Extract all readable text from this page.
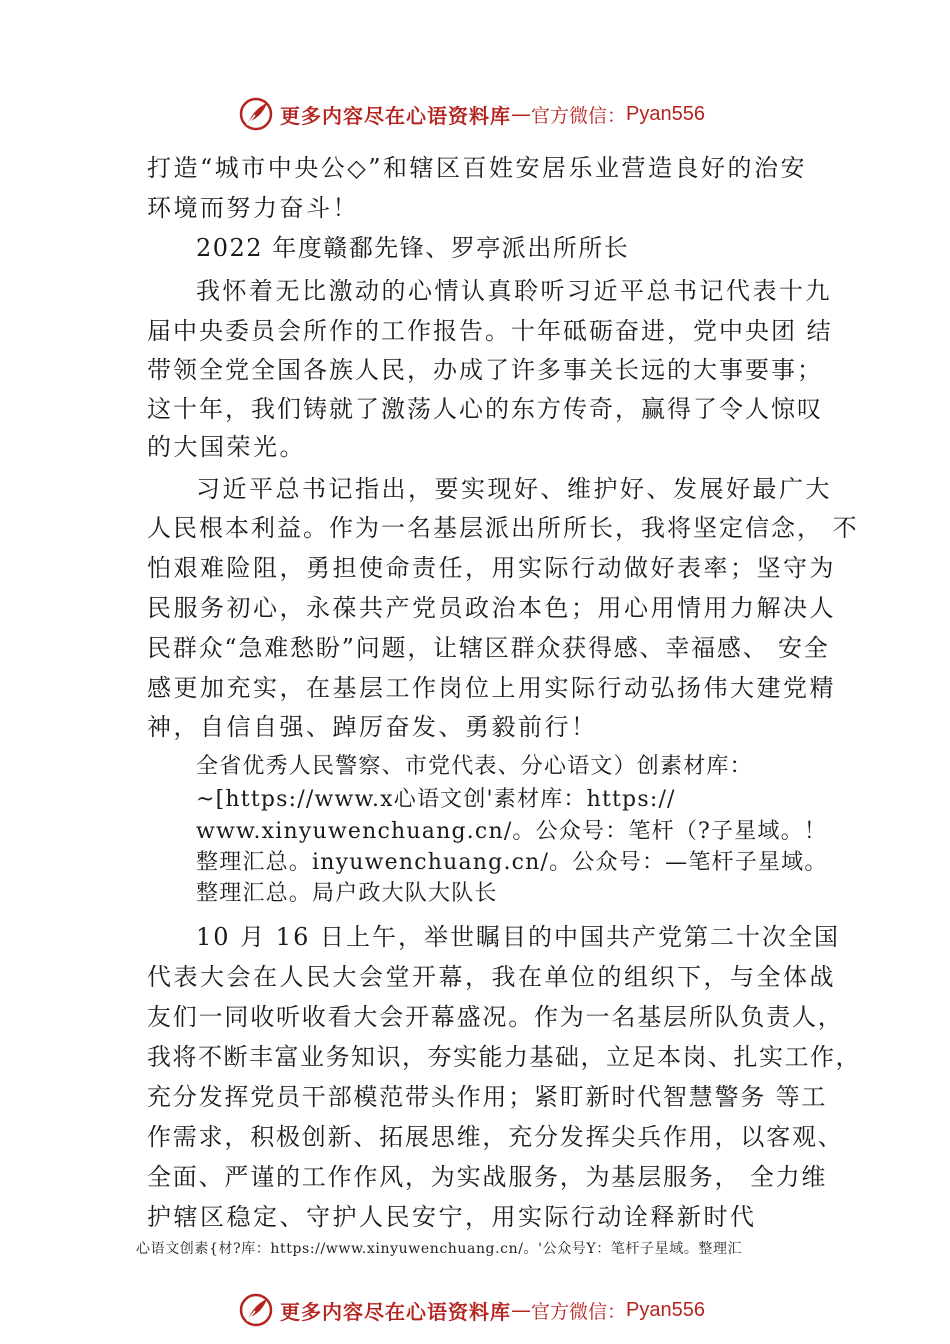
更多内容尽在心语资料库 — 官方微信： Pyan556
打造“城市中央公◇”和辖区百姓安居乐业营造良好的治安
环境而努力奋斗！
2022 年度赣鄱先锋、罗亭派出所所长
我怀着无比激动的心情认真聆听习近平总书记代表十九
届中央委员会所作的工作报告。十年砥砺奋进，党中央团 结
带领全党全国各族人民，办成了许多事关长远的大事要事；
这十年，我们铸就了激荡人心的东方传奇，赢得了令人惊叹
的大国荣光。
习近平总书记指出，要实现好、维护好、发展好最广大
人民根本利益。作为一名基层派出所所长，我将坚定信念， 不
怕艰难险阻，勇担使命责任，用实际行动做好表率；坚守为
民服务初心，永葆共产党员政治本色；用心用情用力解决人
民群众“急难愁盼”问题，让辖区群众获得感、幸福感、 安全
感更加充实，在基层工作岗位上用实际行动弘扬伟大建党精
神，自信自强、踔厉奋发、勇毅前行！
全省优秀人民警察、市党代表、分心语文）创素材库：
~[https://www.x心语文创'素材库：https://
www.xinyuwenchuang.cn/。公众号：笔杆（?子星域。！
整理汇总。inyuwenchuang.cn/。公众号：—笔杆子星域。
整理汇总。局户政大队大队长
10 月 16 日上午，举世瞩目的中国共产党第二十次全国
代表大会在人民大会堂开幕，我在单位的组织下，与全体战
友们一同收听收看大会开幕盛况。作为一名基层所队负责人，
我将不断丰富业务知识，夯实能力基础，立足本岗、扎实工作，
充分发挥党员干部模范带头作用；紧盯新时代智慧警务 等工
作需求，积极创新、拓展思维，充分发挥尖兵作用，以客观、
全面、严谨的工作作风，为实战服务，为基层服务， 全力维
护辖区稳定、守护人民安宁，用实际行动诠释新时代
心语文创素{材?库：https://www.xinyuwenchuang.cn/。'公众号Y：笔杆子星域。整理汇
更多内容尽在心语资料库 — 官方微信： Pyan556
